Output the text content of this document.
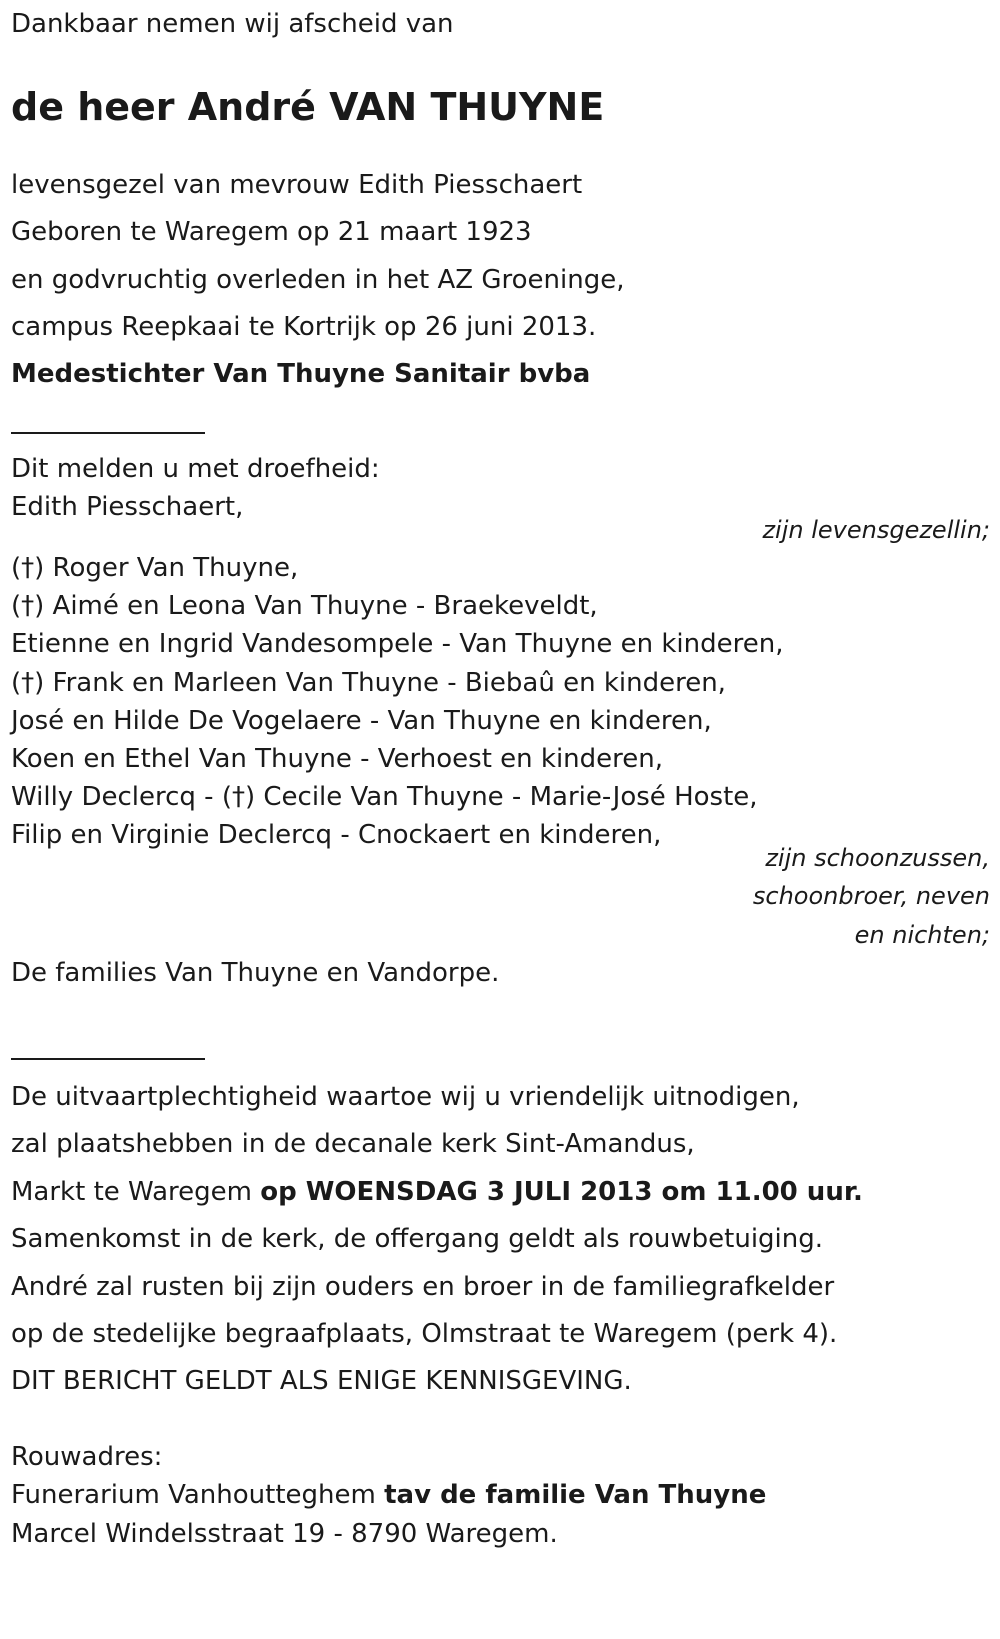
Dankbaar nemen wij afscheid van
de heer André VAN THUYNE
levensgezel van mevrouw Edith Piesschaert
Geboren te Waregem op 21 maart 1923
en godvruchtig overleden in het AZ Groeninge,
campus Reepkaai te Kortrijk op 26 juni 2013.
Medestichter Van Thuyne Sanitair bvba
Dit melden u met droefheid:
Edith Piesschaert,
zijn levensgezellin;
(†) Roger Van Thuyne,
(†) Aimé en Leona Van Thuyne - Braekeveldt,
Etienne en Ingrid Vandesompele - Van Thuyne en kinderen,
(†) Frank en Marleen Van Thuyne - Biebaû en kinderen,
José en Hilde De Vogelaere - Van Thuyne en kinderen,
Koen en Ethel Van Thuyne - Verhoest en kinderen,
Willy Declercq - (†) Cecile Van Thuyne - Marie-José Hoste,
Filip en Virginie Declercq - Cnockaert en kinderen,
zijn schoonzussen,
schoonbroer, neven
en nichten;
De families Van Thuyne en Vandorpe.
De uitvaartplechtigheid waartoe wij u vriendelijk uitnodigen,
zal plaatshebben in de decanale kerk Sint-Amandus,
Markt te Waregem op WOENSDAG 3 JULI 2013 om 11.00 uur.
Samenkomst in de kerk, de offergang geldt als rouwbetuiging.
André zal rusten bij zijn ouders en broer in de familiegrafkelder
op de stedelijke begraafplaats, Olmstraat te Waregem (perk 4).
DIT BERICHT GELDT ALS ENIGE KENNISGEVING.
Rouwadres:
Funerarium Vanhoutteghem tav de familie Van Thuyne
Marcel Windelsstraat 19 - 8790 Waregem.
